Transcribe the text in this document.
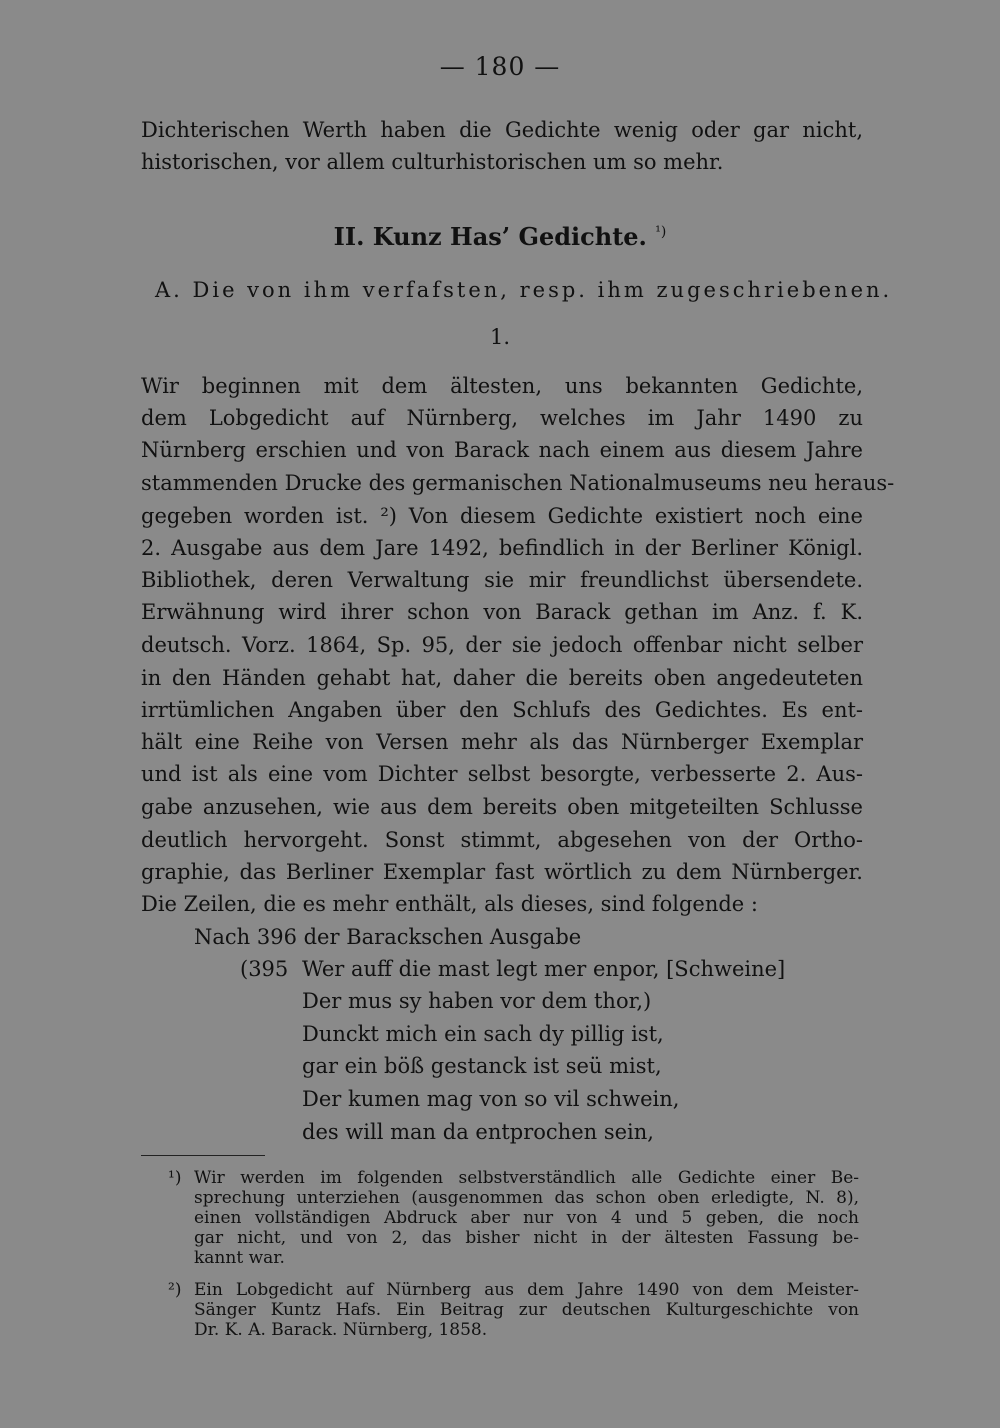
— 180 —
Dichterischen Werth haben die Gedichte wenig oder gar nicht,
historischen, vor allem culturhistorischen um so mehr.
II. Kunz Has’ Gedichte. $^{^1)}$
A. Die von ihm verfafsten, resp. ihm zugeschriebenen.
1.
Wir beginnen mit dem ältesten, uns bekannten Gedichte,
dem Lobgedicht auf Nürnberg, welches im Jahr 1490 zu
Nürnberg erschien und von Barack nach einem aus diesem Jahre
stammenden Drucke des germanischen Nationalmuseums neu heraus-
gegeben worden ist. ²) Von diesem Gedichte existiert noch eine
2. Ausgabe aus dem Jare 1492, befindlich in der Berliner Königl.
Bibliothek, deren Verwaltung sie mir freundlichst übersendete.
Erwähnung wird ihrer schon von Barack gethan im Anz. f. K.
deutsch. Vorz. 1864, Sp. 95, der sie jedoch offenbar nicht selber
in den Händen gehabt hat, daher die bereits oben angedeuteten
irrtümlichen Angaben über den Schlufs des Gedichtes. Es ent-
hält eine Reihe von Versen mehr als das Nürnberger Exemplar
und ist als eine vom Dichter selbst besorgte, verbesserte 2. Aus-
gabe anzusehen, wie aus dem bereits oben mitgeteilten Schlusse
deutlich hervorgeht. Sonst stimmt, abgesehen von der Ortho-
graphie, das Berliner Exemplar fast wörtlich zu dem Nürnberger.
Die Zeilen, die es mehr enthält, als dieses, sind folgende :
Nach 396 der Barackschen Ausgabe
(395 Wer auff die mast legt mer enpor, [Schweine]
Der mus sy haben vor dem thor,)
Dunckt mich ein sach dy pillig ist,
gar ein böß gestanck ist seü mist,
Der kumen mag von so vil schwein,
des will man da entprochen sein,
¹) Wir werden im folgenden selbstverständlich alle Gedichte einer Be-
sprechung unterziehen (ausgenommen das schon oben erledigte, N. 8),
einen vollständigen Abdruck aber nur von 4 und 5 geben, die noch
gar nicht, und von 2, das bisher nicht in der ältesten Fassung be-
kannt war.
²) Ein Lobgedicht auf Nürnberg aus dem Jahre 1490 von dem Meister-
Sänger Kuntz Hafs. Ein Beitrag zur deutschen Kulturgeschichte von
Dr. K. A. Barack. Nürnberg, 1858.
